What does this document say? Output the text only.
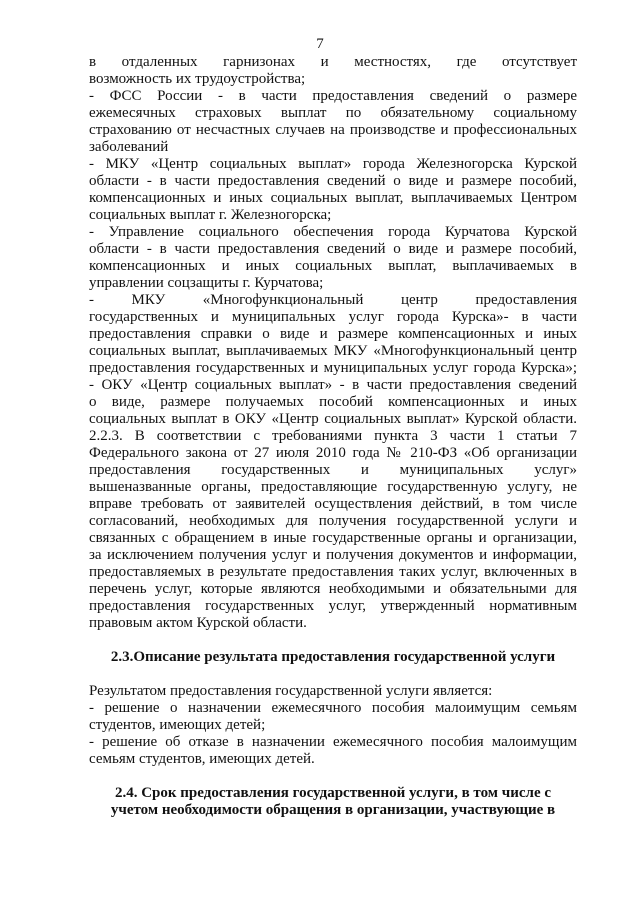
7
в отдаленных гарнизонах и местностях, где отсутствует
возможность их трудоустройства;
- ФСС России - в части предоставления сведений о размере
ежемесячных страховых выплат по обязательному социальному
страхованию от несчастных случаев на производстве и профессиональных
заболеваний
- МКУ «Центр социальных выплат» города Железногорска Курской
области - в части предоставления сведений о виде и размере пособий,
компенсационных и иных социальных выплат, выплачиваемых Центром
социальных выплат г. Железногорска;
- Управление социального обеспечения города Курчатова Курской
области - в части предоставления сведений о виде и размере пособий,
компенсационных и иных социальных выплат, выплачиваемых в
управлении соцзащиты г. Курчатова;
- МКУ «Многофункциональный центр предоставления
государственных и муниципальных услуг города Курска»- в части
предоставления справки о виде и размере компенсационных и иных
социальных выплат, выплачиваемых МКУ «Многофункциональный центр
предоставления государственных и муниципальных услуг города Курска»;
- ОКУ «Центр социальных выплат» - в части предоставления сведений
о виде, размере получаемых пособий компенсационных и иных
социальных выплат в ОКУ «Центр социальных выплат» Курской области.
2.2.3. В соответствии с требованиями пункта 3 части 1 статьи 7
Федерального закона от 27 июля 2010 года № 210-ФЗ «Об организации
предоставления государственных и муниципальных услуг»
вышеназванные органы, предоставляющие государственную услугу, не
вправе требовать от заявителей осуществления действий, в том числе
согласований, необходимых для получения государственной услуги и
связанных с обращением в иные государственные органы и организации,
за исключением получения услуг и получения документов и информации,
предоставляемых в результате предоставления таких услуг, включенных в
перечень услуг, которые являются необходимыми и обязательными для
предоставления государственных услуг, утвержденный нормативным
правовым актом Курской области.
2.3.Описание результата предоставления государственной услуги
Результатом предоставления государственной услуги является:
- решение о назначении ежемесячного пособия малоимущим семьям
студентов, имеющих детей;
- решение об отказе в назначении ежемесячного пособия малоимущим
семьям студентов, имеющих детей.
2.4. Срок предоставления государственной услуги, в том числе с
учетом необходимости обращения в организации, участвующие в
